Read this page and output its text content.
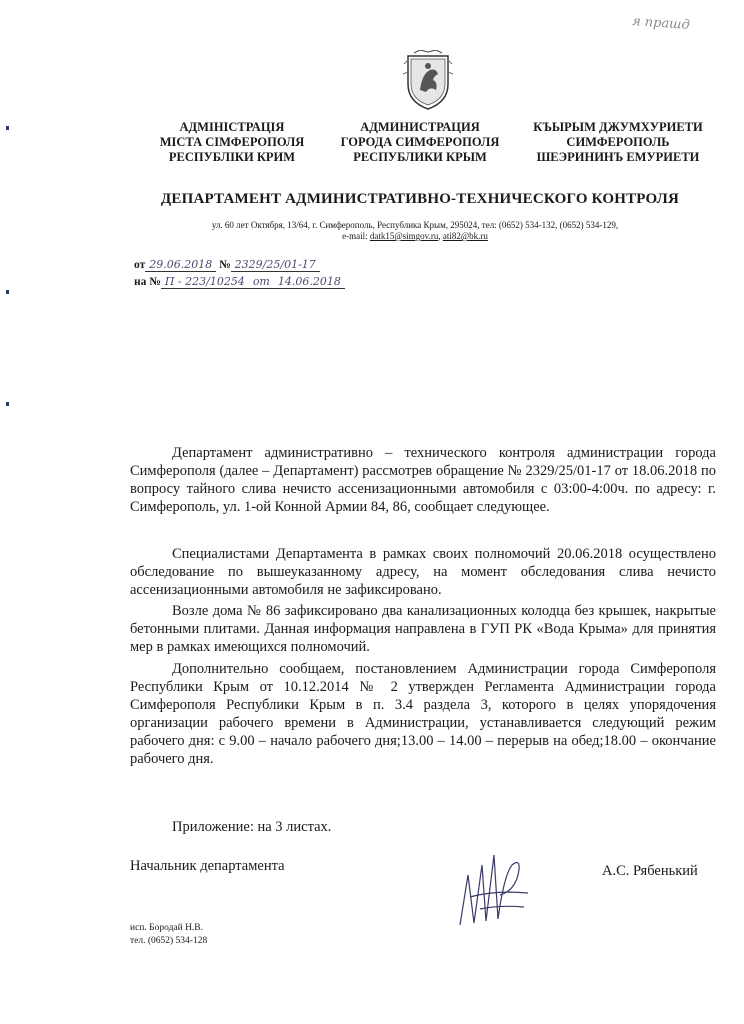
я прашд
АДМІНІСТРАЦІЯ
МІСТА СІМФЕРОПОЛЯ
РЕСПУБЛІКИ КРИМ
АДМИНИСТРАЦИЯ
ГОРОДА СИМФЕРОПОЛЯ
РЕСПУБЛИКИ КРЫМ
КЪЫРЫМ ДЖУМХУРИЕТИ
СИМФЕРОПОЛЬ
ШЕЭРИНИНЪ ЕМУРИЕТИ
ДЕПАРТАМЕНТ АДМИНИСТРАТИВНО-ТЕХНИЧЕСКОГО КОНТРОЛЯ
ул. 60 лет Октября, 13/64, г. Симферополь, Республика Крым, 295024, тел: (0652) 534-132, (0652) 534-129,
e-mail: datk15@simgov.ru, ati82@bk.ru
от 29.06.2018 № 2329/25/01-17
на № П - 223/10254 от 14.06.2018

Департамент административно – технического контроля администрации города Симферополя (далее – Департамент) рассмотрев обращение № 2329/25/01-17 от 18.06.2018 по вопросу тайного слива нечисто ассенизационными автомобиля с 03:00-4:00ч. по адресу: г. Симферополь, ул. 1-ой Конной Армии 84, 86, сообщает следующее.

Специалистами Департамента в рамках своих полномочий 20.06.2018 осуществлено обследование по вышеуказанному адресу, на момент обследования слива нечисто ассенизационными автомобиля не зафиксировано.

Возле дома № 86 зафиксировано два канализационных колодца без крышек, накрытые бетонными плитами. Данная информация направлена в ГУП РК «Вода Крыма» для принятия мер в рамках имеющихся полномочий.

Дополнительно сообщаем, постановлением Администрации города Симферополя Республики Крым от 10.12.2014 № 2 утвержден Регламента Администрации города Симферополя Республики Крым в п. 3.4 раздела 3, которого в целях упорядочения организации рабочего времени в Администрации, устанавливается следующий режим рабочего дня: с 9.00 – начало рабочего дня;13.00 – 14.00 – перерыв на обед;18.00 – окончание рабочего дня.

Приложение: на 3 листах.
Начальник департамента	А.С. Рябенький
исп. Бородай Н.В.
тел. (0652) 534-128
